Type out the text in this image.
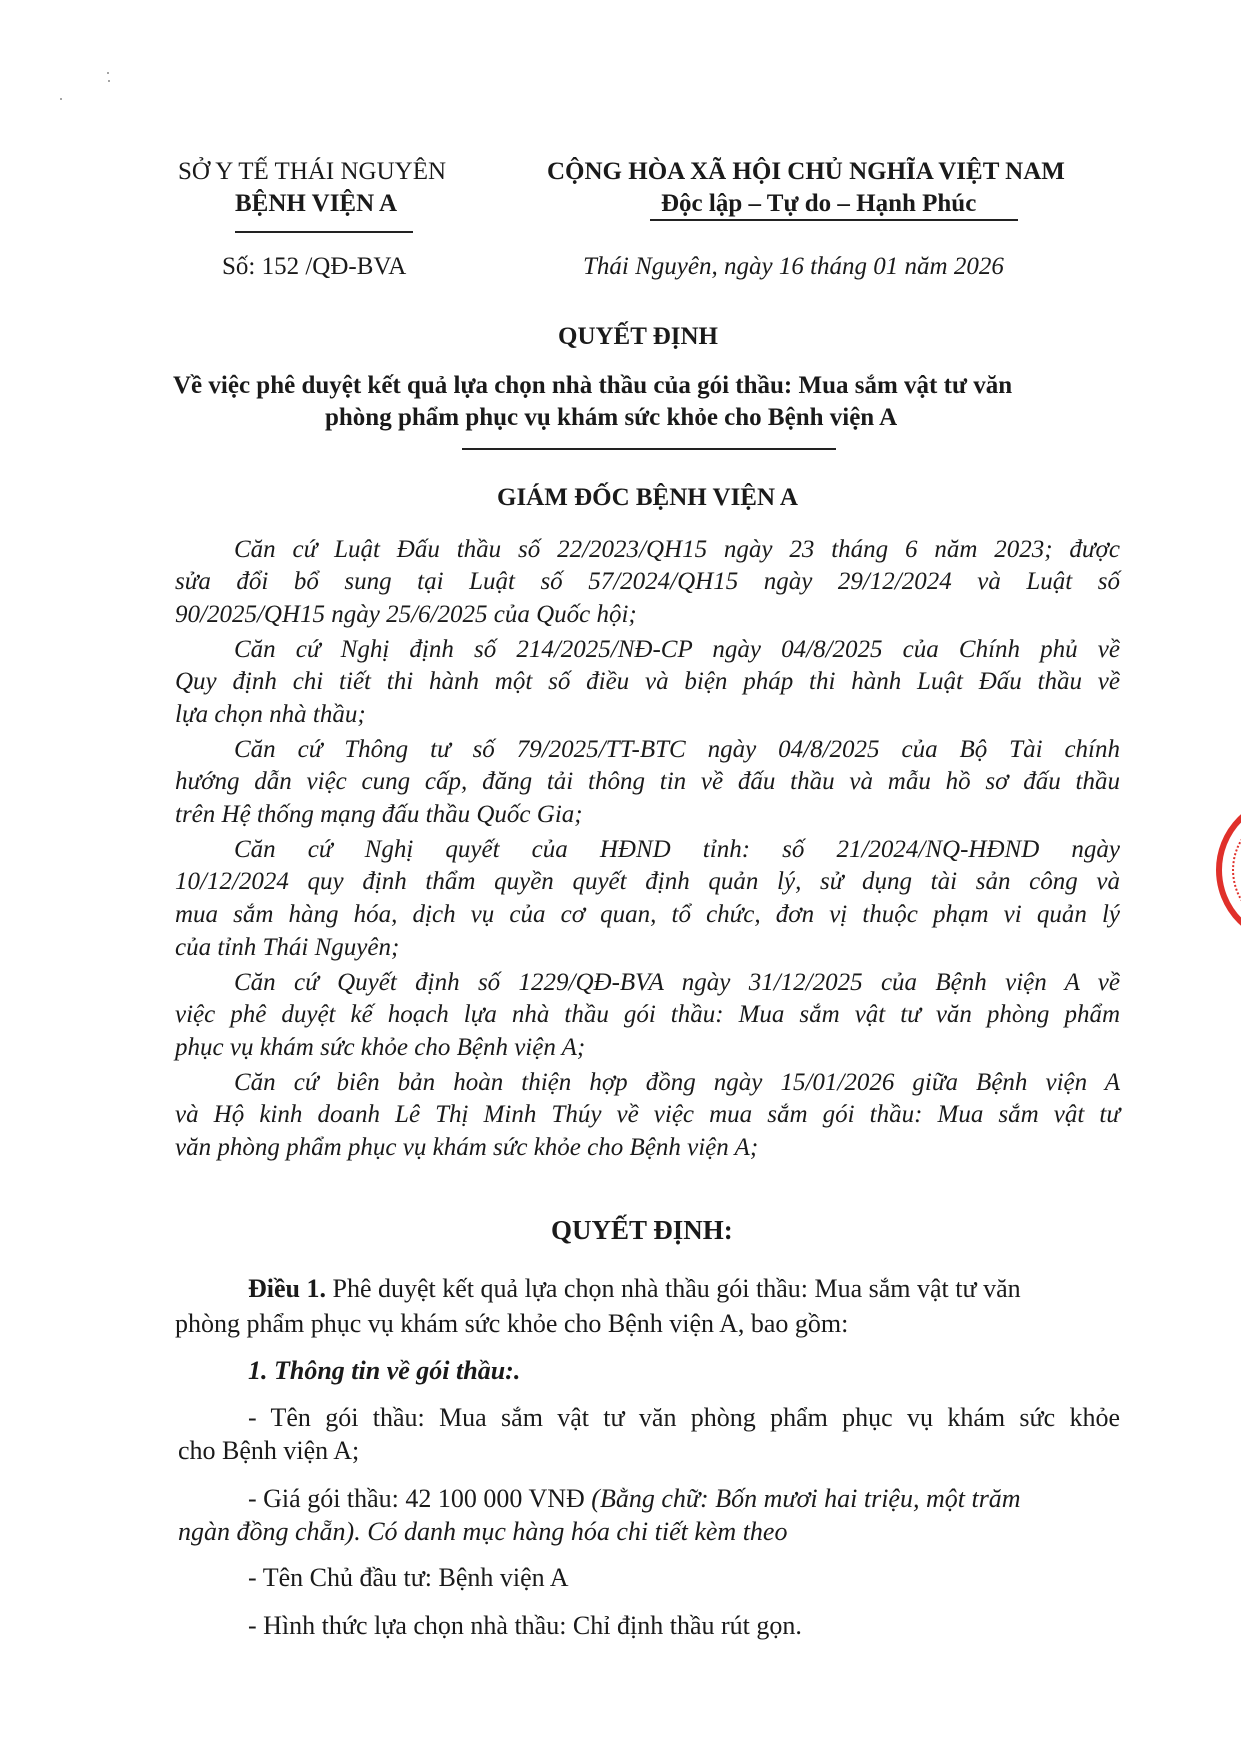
SỞ Y TẾ THÁI NGUYÊN
BỆNH VIỆN A
Số: 152 /QĐ-BVA
CỘNG HÒA XÃ HỘI CHỦ NGHĨA VIỆT NAM
Độc lập – Tự do – Hạnh Phúc
Thái Nguyên, ngày 16 tháng 01 năm 2026
QUYẾT ĐỊNH
Về việc phê duyệt kết quả lựa chọn nhà thầu của gói thầu: Mua sắm vật tư văn
phòng phẩm phục vụ khám sức khỏe cho Bệnh viện A
GIÁM ĐỐC BỆNH VIỆN A
Căn cứ Luật Đấu thầu số 22/2023/QH15 ngày 23 tháng 6 năm 2023; được
sửa đổi bổ sung tại Luật số 57/2024/QH15 ngày 29/12/2024 và Luật số
90/2025/QH15 ngày 25/6/2025 của Quốc hội;
Căn cứ Nghị định số 214/2025/NĐ-CP ngày 04/8/2025 của Chính phủ về
Quy định chi tiết thi hành một số điều và biện pháp thi hành Luật Đấu thầu về
lựa chọn nhà thầu;
Căn cứ Thông tư số 79/2025/TT-BTC ngày 04/8/2025 của Bộ Tài chính
hướng dẫn việc cung cấp, đăng tải thông tin về đấu thầu và mẫu hồ sơ đấu thầu
trên Hệ thống mạng đấu thầu Quốc Gia;
Căn cứ Nghị quyết của HĐND tỉnh: số 21/2024/NQ-HĐND ngày
10/12/2024 quy định thẩm quyền quyết định quản lý, sử dụng tài sản công và
mua sắm hàng hóa, dịch vụ của cơ quan, tổ chức, đơn vị thuộc phạm vi quản lý
của tỉnh Thái Nguyên;
Căn cứ Quyết định số 1229/QĐ-BVA ngày 31/12/2025 của Bệnh viện A về
việc phê duyệt kế hoạch lựa nhà thầu gói thầu: Mua sắm vật tư văn phòng phẩm
phục vụ khám sức khỏe cho Bệnh viện A;
Căn cứ biên bản hoàn thiện hợp đồng ngày 15/01/2026 giữa Bệnh viện A
và Hộ kinh doanh Lê Thị Minh Thúy về việc mua sắm gói thầu: Mua sắm vật tư
văn phòng phẩm phục vụ khám sức khỏe cho Bệnh viện A;
QUYẾT ĐỊNH:
Điều 1. Phê duyệt kết quả lựa chọn nhà thầu gói thầu: Mua sắm vật tư văn
phòng phẩm phục vụ khám sức khỏe cho Bệnh viện A, bao gồm:
1. Thông tin về gói thầu:.
- Tên gói thầu: Mua sắm vật tư văn phòng phẩm phục vụ khám sức khỏe
cho Bệnh viện A;
- Giá gói thầu: 42 100 000 VNĐ (Bằng chữ: Bốn mươi hai triệu, một trăm
ngàn đồng chẵn). Có danh mục hàng hóa chi tiết kèm theo
- Tên Chủ đầu tư: Bệnh viện A
- Hình thức lựa chọn nhà thầu: Chỉ định thầu rút gọn.
